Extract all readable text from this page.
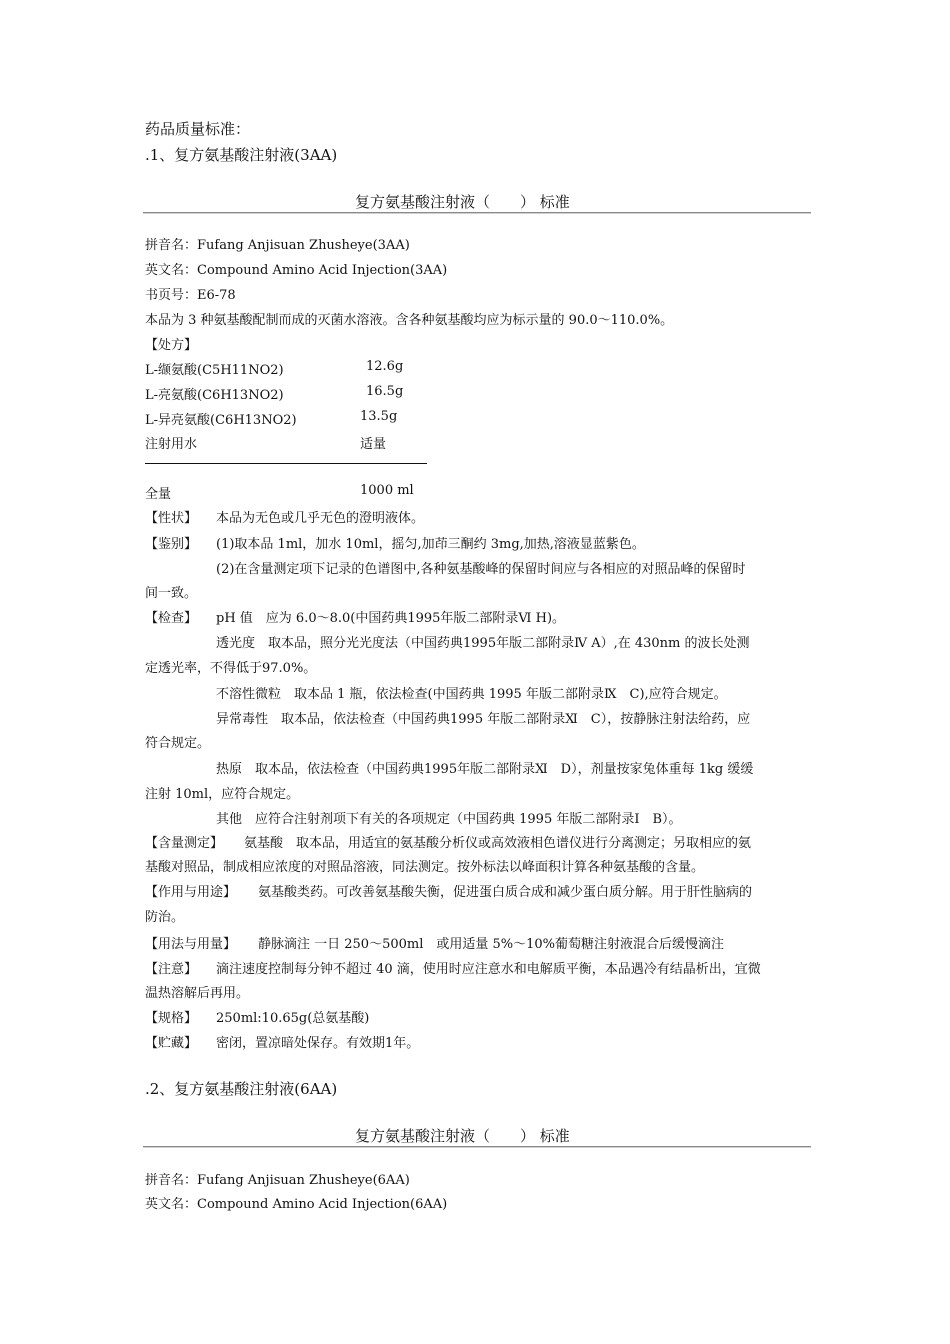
药品质量标准：
.1、复方氨基酸注射液(3AA)
复方氨基酸注射液（　　） 标准
拼音名：Fufang Anjisuan Zhusheye(3AA)
英文名：Compound Amino Acid Injection(3AA)
书页号：E6-78
本品为 3 种氨基酸配制而成的灭菌水溶液。含各种氨基酸均应为标示量的 90.0～110.0%。
【处方】
L-缬氨酸(C5H11NO2)	12.6g
L-亮氨酸(C6H13NO2)	16.5g
L-异亮氨酸(C6H13NO2)	13.5g
注射用水	适量
全量	1000 ml
【性状】 本品为无色或几乎无色的澄明液体。
【鉴别】 (1)取本品 1ml，加水 10ml，摇匀,加茚三酮约 3mg,加热,溶液显蓝紫色。
(2)在含量测定项下记录的色谱图中,各种氨基酸峰的保留时间应与各相应的对照品峰的保留时
间一致。
【检查】 pH 值　应为 6.0～8.0(中国药典1995年版二部附录Ⅵ H)。
透光度　取本品，照分光光度法（中国药典1995年版二部附录Ⅳ A）,在 430nm 的波长处测
定透光率，不得低于97.0%。
不溶性微粒　取本品 1 瓶，依法检查(中国药典 1995 年版二部附录Ⅸ　C),应符合规定。
异常毒性　取本品，依法检查（中国药典1995 年版二部附录Ⅺ　C），按静脉注射法给药，应
符合规定。
热原　取本品，依法检查（中国药典1995年版二部附录Ⅺ　D），剂量按家兔体重每 1kg 缓缓
注射 10ml，应符合规定。
其他　应符合注射剂项下有关的各项规定（中国药典 1995 年版二部附录Ⅰ　B）。
【含量测定】 氨基酸　取本品，用适宜的氨基酸分析仪或高效液相色谱仪进行分离测定；另取相应的氨
基酸对照品，制成相应浓度的对照品溶液，同法测定。按外标法以峰面积计算各种氨基酸的含量。
【作用与用途】 氨基酸类药。可改善氨基酸失衡，促进蛋白质合成和减少蛋白质分解。用于肝性脑病的
防治。
【用法与用量】 静脉滴注 一日 250～500ml　或用适量 5%～10%葡萄糖注射液混合后缓慢滴注
【注意】 滴注速度控制每分钟不超过 40 滴，使用时应注意水和电解质平衡，本品遇冷有结晶析出，宜微
温热溶解后再用。
【规格】 250ml:10.65g(总氨基酸)
【贮藏】 密闭，置凉暗处保存。有效期1年。
.2、复方氨基酸注射液(6AA)
复方氨基酸注射液（　　） 标准
拼音名：Fufang Anjisuan Zhusheye(6AA)
英文名：Compound Amino Acid Injection(6AA)
